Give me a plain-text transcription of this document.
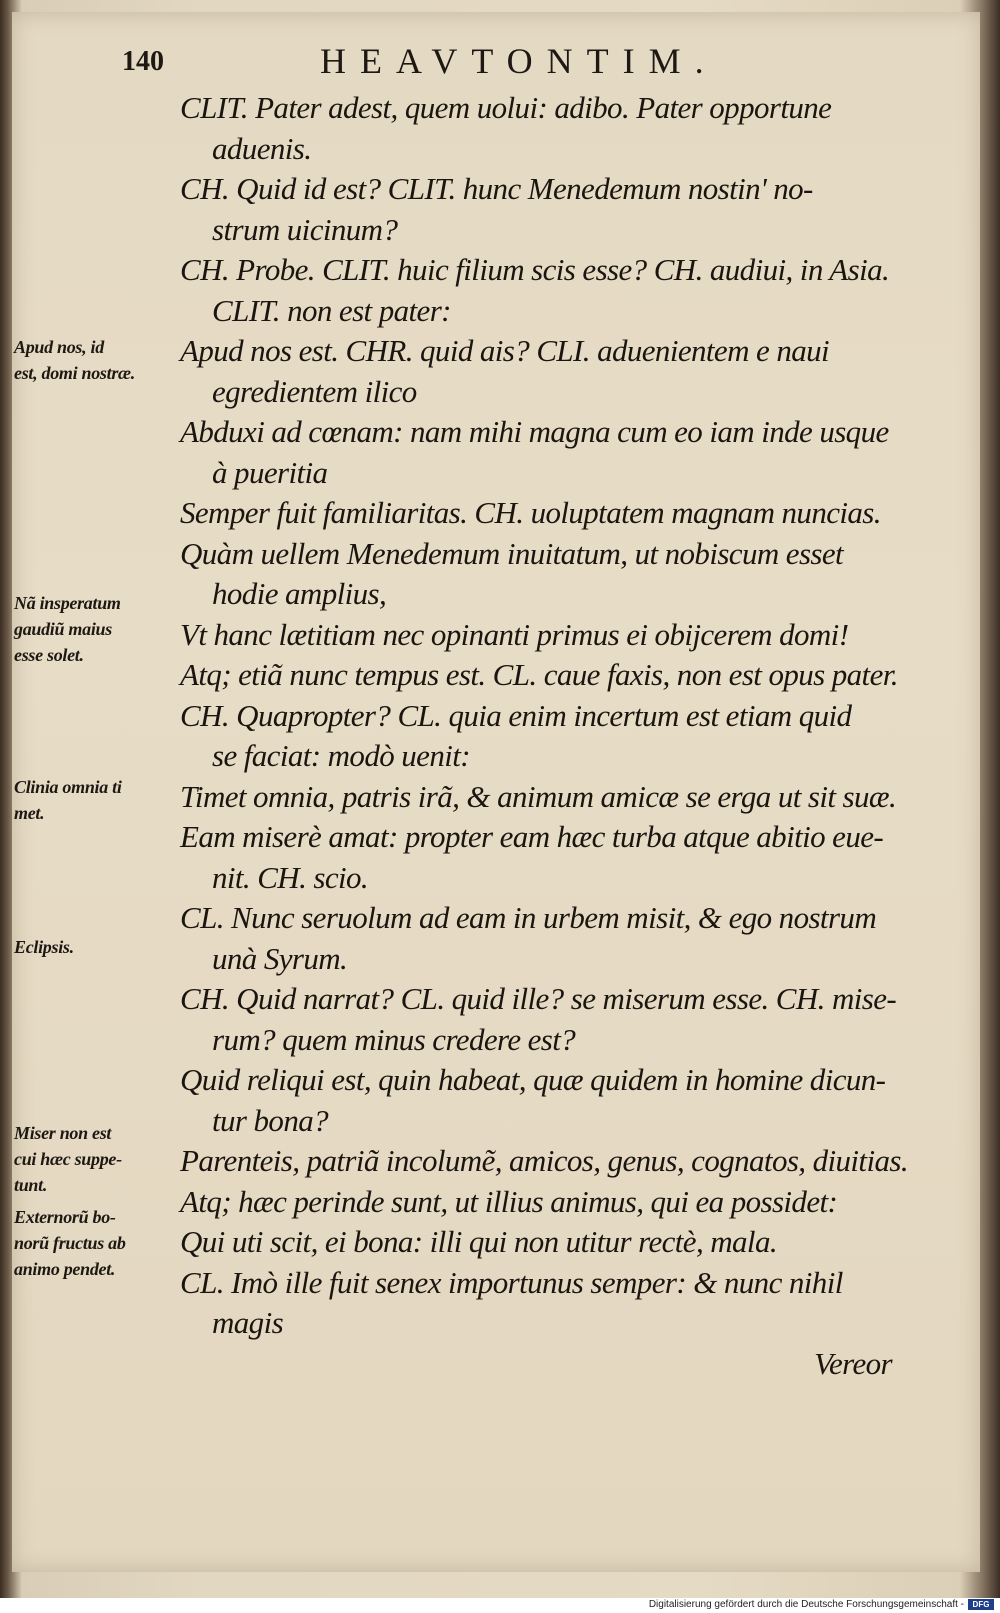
140	HEAVTONTIM.
CLIT. Pater adest, quem uolui: adibo. Pater opportune
aduenis.
CH. Quid id est? CLIT. hunc Menedemum nostin' no-
strum uicinum?
CH. Probe. CLIT. huic filium scis esse? CH. audiui, in Asia.
CLIT. non est pater:
Apud nos est. CHR. quid ais? CLI. aduenientem e naui
egredientem ilico
Abduxi ad cœnam: nam mihi magna cum eo iam inde usque
à pueritia
Semper fuit familiaritas. CH. uoluptatem magnam nuncias.
Quàm uellem Menedemum inuitatum, ut nobiscum esset
hodie amplius,
Vt hanc lætitiam nec opinanti primus ei obijcerem domi!
Atq; etiã nunc tempus est. CL. caue faxis, non est opus pater.
CH. Quapropter? CL. quia enim incertum est etiam quid
se faciat: modò uenit:
Timet omnia, patris irã, & animum amicæ se erga ut sit suæ.
Eam miserè amat: propter eam hæc turba atque abitio eue-
nit. CH. scio.
CL. Nunc seruolum ad eam in urbem misit, & ego nostrum
unà Syrum.
CH. Quid narrat? CL. quid ille? se miserum esse. CH. mise-
rum? quem minus credere est?
Quid reliqui est, quin habeat, quæ quidem in homine dicun-
tur bona?
Parenteis, patriã incolumẽ, amicos, genus, cognatos, diuitias.
Atq; hæc perinde sunt, ut illius animus, qui ea possidet:
Qui uti scit, ei bona: illi qui non utitur rectè, mala.
CL. Imò ille fuit senex importunus semper: & nunc nihil
magis
Vereor
Apud nos, id
est, domi nostræ.
Nã insperatum
gaudiũ maius
esse solet.
Clinia omnia ti
met.
Eclipsis.
Miser non est
cui hæc suppe-
tunt.
Externorũ bo-
norũ fructus ab
animo pendet.
Digitalisierung gefördert durch die Deutsche Forschungsgemeinschaft -	DFG
